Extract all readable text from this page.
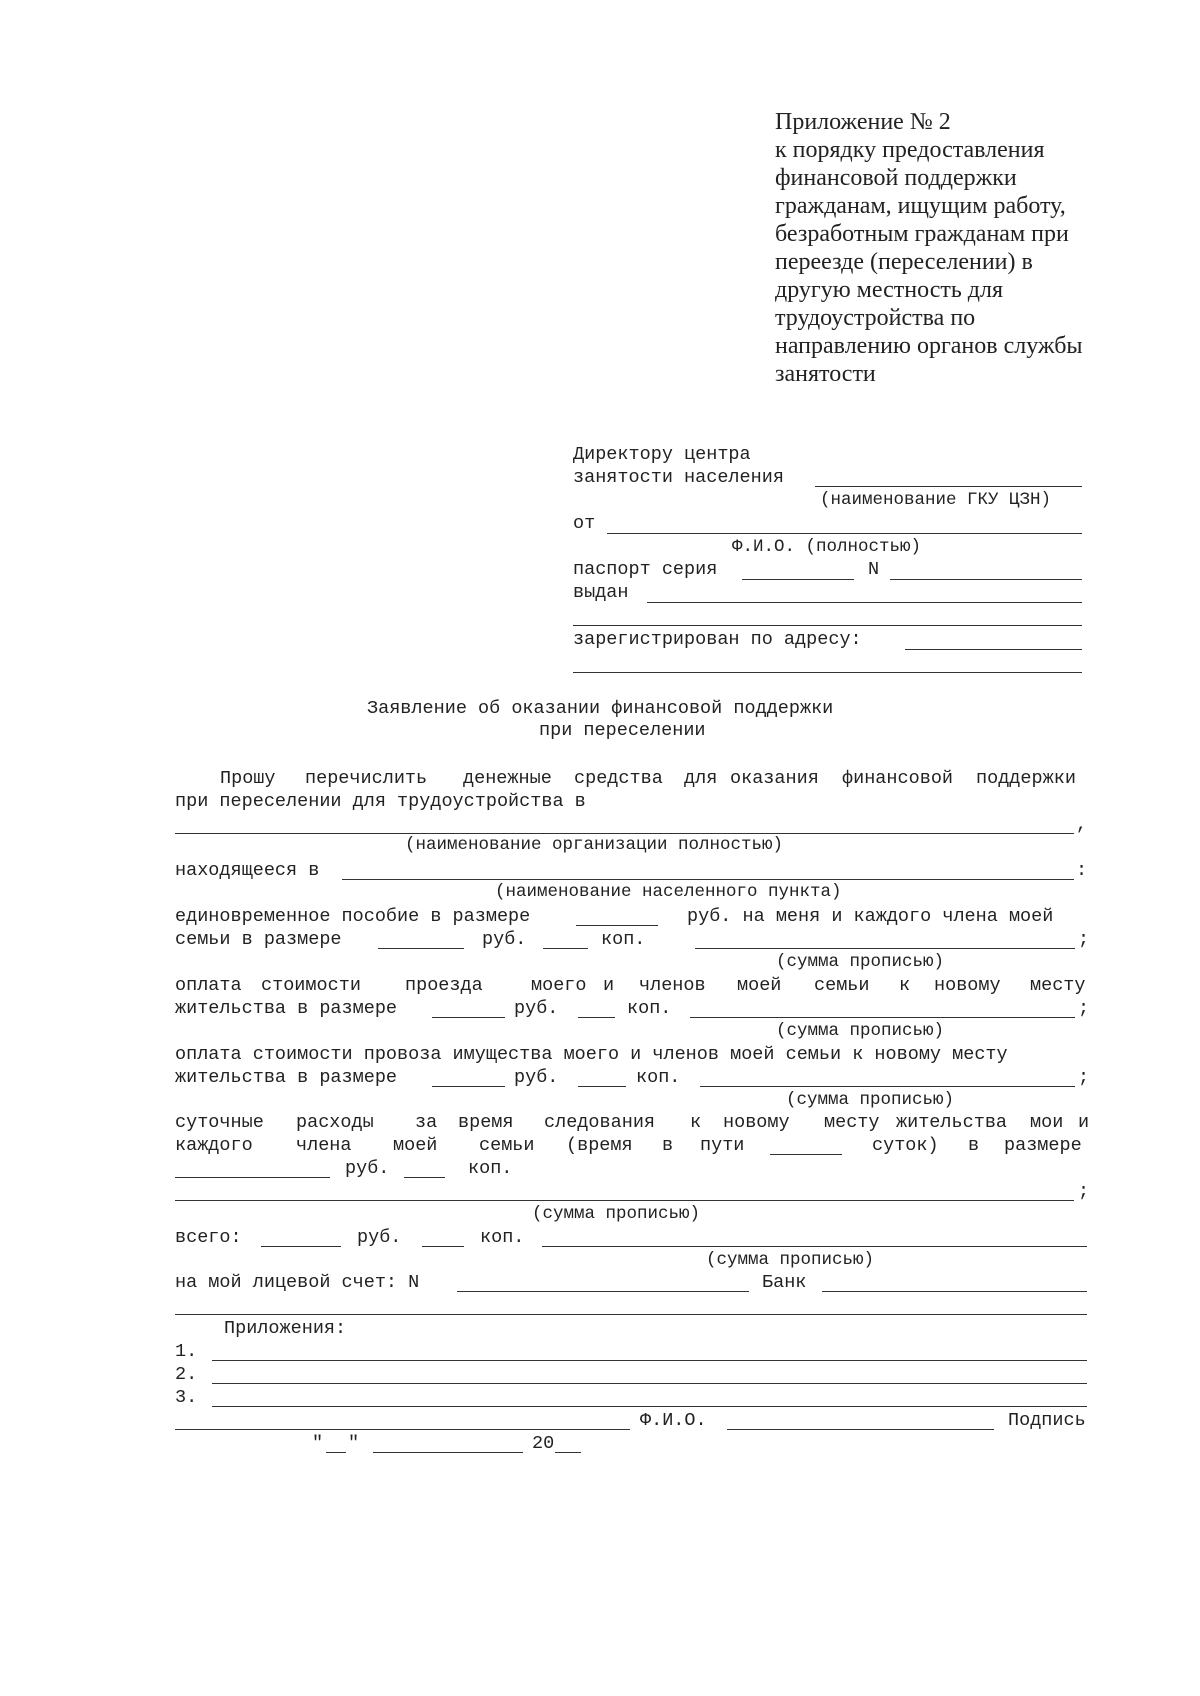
Приложение № 2
к порядку предоставления
финансовой поддержки
гражданам, ищущим работу,
безработным гражданам при
переезде (переселении) в
другую местность для
трудоустройства по
направлению органов службы
занятости
Директору центра
занятости населения
(наименование ГКУ ЦЗН)
от
Ф.И.О. (полностью)
паспорт серия	N
выдан
зарегистрирован по адресу:
Заявление об оказании финансовой поддержки
при переселении
Прошу перечислить денежные средства для оказания финансовой поддержки
при переселении для трудоустройства в
,
(наименование организации полностью)
находящееся в	:
(наименование населенного пункта)
единовременное пособие в размере	руб. на меня и каждого члена моей
семьи в размере	руб.	коп.	;
(сумма прописью)
оплата стоимости проезда	моего и членов моей семьи к новому месту
жительства в размере	руб.	коп.	;
(сумма прописью)
оплата стоимости провоза имущества моего и членов моей семьи к новому месту
жительства в размере	руб.	коп.	;
(сумма прописью)
суточные расходы за время следования к новому месту жительства мои и
каждого члена моей семьи (время в пути	суток) в размере
руб.	коп.
;
(сумма прописью)
всего:	руб.	коп.
(сумма прописью)
на мой лицевой счет: N	Банк
Приложения:
1.
2.
3.
Ф.И.О.	Подпись
" "	20
